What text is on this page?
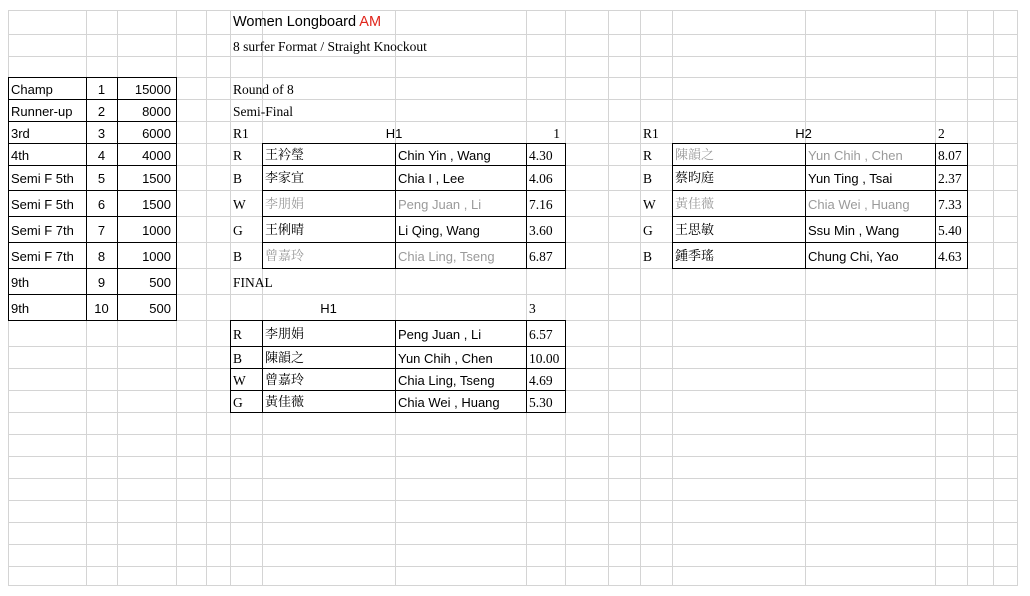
Women Longboard AM
8 surfer Format / Straight Knockout
Champ	1	15000
Runner-up	2	8000
3rd	3	6000
4th	4	4000
Semi F 5th	5	1500
Semi F 5th	6	1500
Semi F 7th	7	1000
Semi F 7th	8	1000
9th	9	500
9th	10	500
Round of 8
Semi-Final
R1	H1	1
R 王衿瑩	Chin Yin , Wang	4.30
B 李家宜	Chia I , Lee	4.06
W 李朋娟	Peng Juan , Li	7.16
G 王俐晴	Li Qing, Wang	3.60
B 曾嘉玲	Chia Ling, Tseng	6.87
R1	H2	2
R 陳韻之	Yun Chih , Chen	8.07
B 蔡昀庭	Yun Ting , Tsai	2.37
W 黃佳薇	Chia Wei , Huang 7.33
G 王思敏	Ssu Min , Wang	5.40
B 鍾季瑤	Chung Chi, Yao	4.63
FINAL
H1	3
R 李朋娟	Peng Juan , Li	6.57
B 陳韻之	Yun Chih , Chen	10.00
W 曾嘉玲	Chia Ling, Tseng	4.69
G 黃佳薇	Chia Wei , Huang 5.30
